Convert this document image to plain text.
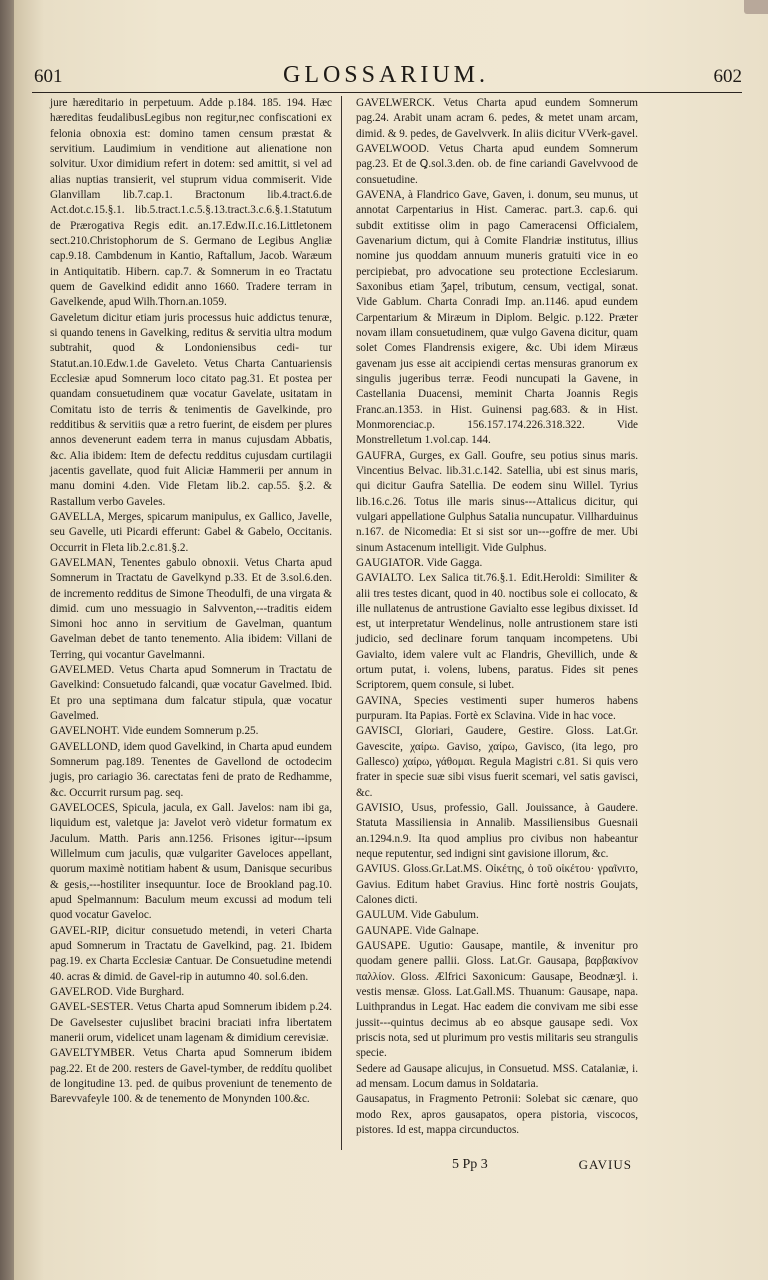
601	GLOSSARIUM.	602

jure hæreditario in perpetuum. Adde p.184. 185. 194. Hæc hæreditas feudalibusLegibus non regitur,nec confiscationi ex felonia obnoxia est: domino tamen censum præstat & servitium. Laudimium in venditione aut alienatione non solvitur. Uxor dimidium refert in dotem: sed amittit, si vel ad alias nuptias transierit, vel stuprum vidua commiserit. Vide Glanvillam lib.7.cap.1. Bractonum lib.4.tract.6.de Act.dot.c.15.§.1. lib.5.tract.1.c.5.§.13.tract.3.c.6.§.1.Statutum de Prærogativa Regis edit. an.17.Edw.II.c.16.Littletonem sect.210.Christophorum de S. Germano de Legibus Angliæ cap.9.18. Cambdenum in Kantio, Raftallum, Jacob. Waræum in Antiquitatib. Hibern. cap.7. & Somnerum in eo Tractatu quem de Gavelkind edidit anno 1660. Tradere terram in Gavelkende, apud Wilh.Thorn.an.1059.

Gaveletum dicitur etiam juris processus huic addictus tenuræ, si quando tenens in Gavelking, reditus & servitia ultra modum subtrahit, quod & Londoniensibus cedi- tur Statut.an.10.Edw.1.de Gaveleto. Vetus Charta Cantuariensis Ecclesiæ apud Somnerum loco citato pag.31. Et postea per quandam consuetudinem quæ vocatur Gavelate, usitatam in Comitatu isto de terris & tenimentis de Gavelkinde, pro redditibus & servitiis quæ a retro fuerint, de eisdem per plures annos devenerunt eadem terra in manus cujusdam Abbatis, &c. Alia ibidem: Item de defectu redditus cujusdam curtilagii jacentis gavellate, quod fuit Aliciæ Hammerii per annum in manu domini 4.den. Vide Fletam lib.2. cap.55. §.2. & Rastallum verbo Gaveles.

GAVELLA, Merges, spicarum manipulus, ex Gallico, Javelle, seu Gavelle, uti Picardi efferunt: Gabel & Gabelo, Occitanis. Occurrit in Fleta lib.2.c.81.§.2.

GAVELMAN, Tenentes gabulo obnoxii. Vetus Charta apud Somnerum in Tractatu de Gavelkynd p.33. Et de 3.sol.6.den. de incremento redditus de Simone Theodulfi, de una virgata & dimid. cum uno messuagio in Salvventon,---traditis eidem Simoni hoc anno in servitium de Gavelman, quantum Gavelman debet de tanto tenemento. Alia ibidem: Villani de Terring, qui vocantur Gavelmanni.

GAVELMED. Vetus Charta apud Somnerum in Tractatu de Gavelkind: Consuetudo falcandi, quæ vocatur Gavelmed. Ibid. Et pro una septimana dum falcatur stipula, quæ vocatur Gavelmed.

GAVELNOHT. Vide eundem Somnerum p.25.

GAVELLOND, idem quod Gavelkind, in Charta apud eundem Somnerum pag.189. Tenentes de Gavellond de octodecim jugis, pro cariagio 36. carectatas feni de prato de Redhamme, &c. Occurrit rursum pag. seq.

GAVELOCES, Spicula, jacula, ex Gall. Javelos: nam ibi ga, liquidum est, valetque ja: Javelot verò videtur formatum ex Jaculum. Matth. Paris ann.1256. Frisones igitur---ipsum Willelmum cum jaculis, quæ vulgariter Gaveloces appellant, quorum maximè notitiam habent & usum, Danisque securibus & gesis,---hostiliter insequuntur. Ioce de Brookland pag.10. apud Spelmannum: Baculum meum excussi ad modum teli quod vocatur Gaveloc.

GAVEL-RIP, dicitur consuetudo metendi, in veteri Charta apud Somnerum in Tractatu de Gavelkind, pag. 21. Ibidem pag.19. ex Charta Ecclesiæ Cantuar. De Consuetudine metendi 40. acras & dimid. de Gavel-rip in autumno 40. sol.6.den.

GAVELROD. Vide Burghard.

GAVEL-SESTER. Vetus Charta apud Somnerum ibidem p.24. De Gavelsester cujuslibet bracini braciati infra libertatem manerii orum, videlicet unam lagenam & dimidium cerevisiæ.

GAVELTYMBER. Vetus Charta apud Somnerum ibidem pag.22. Et de 200. resters de Gavel-tymber, de reddítu quolibet de longitudine 13. ped. de quibus proveniunt de tenemento de Barevvafeyle 100. & de tenemento de Monynden 100.&c.

GAVELWERCK. Vetus Charta apud eundem Somnerum pag.24. Arabit unam acram 6. pedes, & metet unam arcam, dimid. & 9. pedes, de Gavelvverk. In aliis dicitur VVerk-gavel.

GAVELWOOD. Vetus Charta apud eundem Somnerum pag.23. Et de Ꝗ.sol.3.den. ob. de fine cariandi Gavelvvood de consuetudine.

GAVENA, à Flandrico Gave, Gaven, i. donum, seu munus, ut annotat Carpentarius in Hist. Camerac. part.3. cap.6. qui subdit extitisse olim in pago Cameracensi Officialem, Gavenarium dictum, qui à Comite Flandriæ institutus, illius nomine jus quoddam annuum muneris gratuiti vice in eo percipiebat, pro advocatione seu protectione Ecclesiarum. Saxonibus etiam Ʒaꝼel, tributum, censum, vectigal, sonat. Vide Gablum. Charta Conradi Imp. an.1146. apud eundem Carpentarium & Miræum in Diplom. Belgic. p.122. Præter novam illam consuetudinem, quæ vulgo Gavena dicitur, quam solet Comes Flandrensis exigere, &c. Ubi idem Miræus gavenam jus esse ait accipiendi certas mensuras granorum ex singulis jugeribus terræ. Feodi nuncupati la Gavene, in Castellania Duacensi, meminit Charta Joannis Regis Franc.an.1353. in Hist. Guinensi pag.683. & in Hist. Monmorenciac.p. 156.157.174.226.318.322. Vide Monstrelletum 1.vol.cap. 144.

GAUFRA, Gurges, ex Gall. Goufre, seu potius sinus maris. Vincentius Belvac. lib.31.c.142. Satellia, ubi est sinus maris, qui dicitur Gaufra Satellia. De eodem sinu Willel. Tyrius lib.16.c.26. Totus ille maris sinus---Attalicus dicitur, qui vulgari appellatione Gulphus Satalia nuncupatur. Villharduinus n.167. de Nicomedia: Et si sist sor un---goffre de mer. Ubi sinum Astacenum intelligit. Vide Gulphus.

GAUGIATOR. Vide Gagga.

GAVIALTO. Lex Salica tit.76.§.1. Edit.Heroldi: Similiter & alii tres testes dicant, quod in 40. noctibus sole ei collocato, & ille nullatenus de antrustione Gavialto esse legibus dixisset. Id est, ut interpretatur Wendelinus, nolle antrustionem stare isti judicio, sed declinare forum tanquam incompetens. Ubi Gavialto, idem valere vult ac Flandris, Ghevillich, unde & ortum putat, i. volens, lubens, paratus. Fides sit penes Scriptorem, quem consule, si lubet.

GAVINA, Species vestimenti super humeros habens purpuram. Ita Papias. Fortè ex Sclavina. Vide in hac voce.

GAVISCI, Gloriari, Gaudere, Gestire. Gloss. Lat.Gr. Gavescite, χαίρω. Gaviso, χαίρω, Gavisco, (ita lego, pro Gallesco) χαίρω, γάθομαι. Regula Magistri c.81. Si quis vero frater in specie suæ sibi visus fuerit scemari, vel satis gavisci, &c.

GAVISIO, Usus, professio, Gall. Jouissance, à Gaudere. Statuta Massiliensia in Annalib. Massiliensibus Guesnaii an.1294.n.9. Ita quod amplius pro civibus non habeantur neque reputentur, sed indigni sint gavisione illorum, &c.

GAVIUS. Gloss.Gr.Lat.MS. Οἰκέτης, ὁ τοῦ οἰκέτου· γραῖνιτο, Gavius. Editum habet Gravius. Hinc fortè nostris Goujats, Calones dicti.

GAULUM. Vide Gabulum.

GAUNAPE. Vide Galnape.

GAUSAPE. Ugutio: Gausape, mantile, & invenitur pro quodam genere pallii. Gloss. Lat.Gr. Gausapa, βαρβακίνον παλλίον. Gloss. Ælfrici Saxonicum: Gausape, Beodnæʒl. i. vestis mensæ. Gloss. Lat.Gall.MS. Thuanum: Gausape, napa. Luithprandus in Legat. Hac eadem die convivam me sibi esse jussit---quintus decimus ab eo absque gausape sedi. Vox priscis nota, sed ut plurimum pro vestis militaris seu strangulis specie.

Sedere ad Gausape alicujus, in Consuetud. MSS. Catalaniæ, i. ad mensam. Locum damus in Soldataria.

Gausapatus, in Fragmento Petronii: Solebat sic cænare, quo modo Rex, apros gausapatos, opera pistoria, viscocos, pistores. Id est, mappa circunductos.

5 Pp 3	GAVIUS
